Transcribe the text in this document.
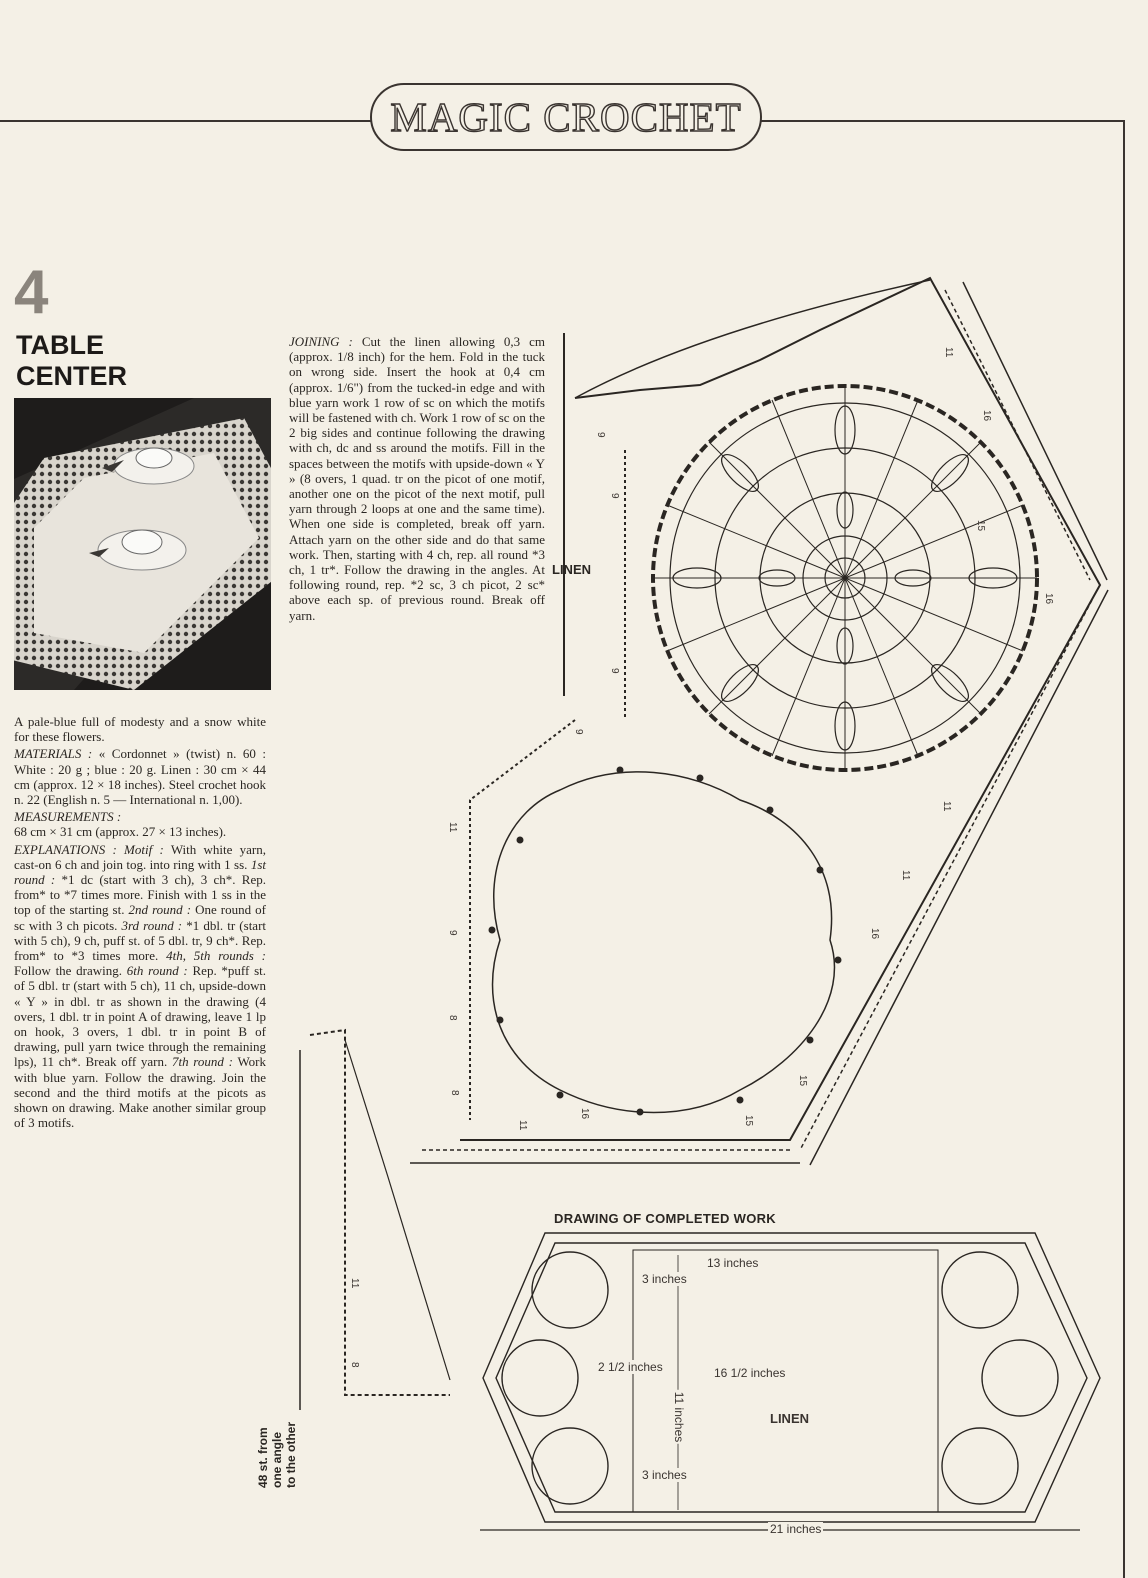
MAGIC CROCHET
4
TABLE
CENTER

A pale-blue full of modesty and a snow white for these flowers.

MATERIALS : « Cordonnet » (twist) n. 60 : White : 20 g ; blue : 20 g. Linen : 30 cm × 44 cm (approx. 12 × 18 inches). Steel crochet hook n. 22 (English n. 5 — International n. 1,00).

MEASUREMENTS :
68 cm × 31 cm (approx. 27 × 13 inches).

EXPLANATIONS : Motif : With white yarn, cast-on 6 ch and join tog. into ring with 1 ss. 1st round : *1 dc (start with 3 ch), 3 ch*. Rep. from* to *7 times more. Finish with 1 ss in the top of the starting st. 2nd round : One round of sc with 3 ch picots. 3rd round : *1 dbl. tr (start with 5 ch), 9 ch, puff st. of 5 dbl. tr, 9 ch*. Rep. from* to *3 times more. 4th, 5th rounds : Follow the drawing. 6th round : Rep. *puff st. of 5 dbl. tr (start with 5 ch), 11 ch, upside-down « Y » in dbl. tr as shown in the drawing (4 overs, 1 dbl. tr in point A of drawing, leave 1 lp on hook, 3 overs, 1 dbl. tr in point B of drawing, pull yarn twice through the remaining lps), 11 ch*. Break off yarn. 7th round : Work with blue yarn. Follow the drawing. Join the second and the third motifs at the picots as shown on drawing. Make another similar group of 3 motifs.

JOINING : Cut the linen allowing 0,3 cm (approx. 1/8 inch) for the hem. Fold in the tuck on wrong side. Insert the hook at 0,4 cm (approx. 1/6") from the tucked-in edge and with blue yarn work 1 row of sc on which the motifs will be fastened with ch. Work 1 row of sc on the 2 big sides and continue following the drawing with ch, dc and ss around the motifs. Fill in the spaces between the motifs with upside-down « Y » (8 overs, 1 quad. tr on the picot of one motif, another one on the picot of the next motif, pull yarn through 2 loops at one and the same time). When one side is completed, break off yarn. Attach yarn on the other side and do that same work. Then, starting with 4 ch, rep. all round *3 ch, 1 tr*. Follow the drawing in the angles. At following round, rep. *2 sc, 3 ch picot, 2 sc* above each sp. of previous round. Break off yarn.

LINEN
9
9
9
11
16
16
15
11
11
16
9
11
9
8
8
11
16
15
15
11
8
DRAWING OF COMPLETED WORK
13 inches
3 inches
2 1/2 inches	16 1/2 inches
11 inches
3 inches
21 inches
LINEN
48 st. from one angle to the other
